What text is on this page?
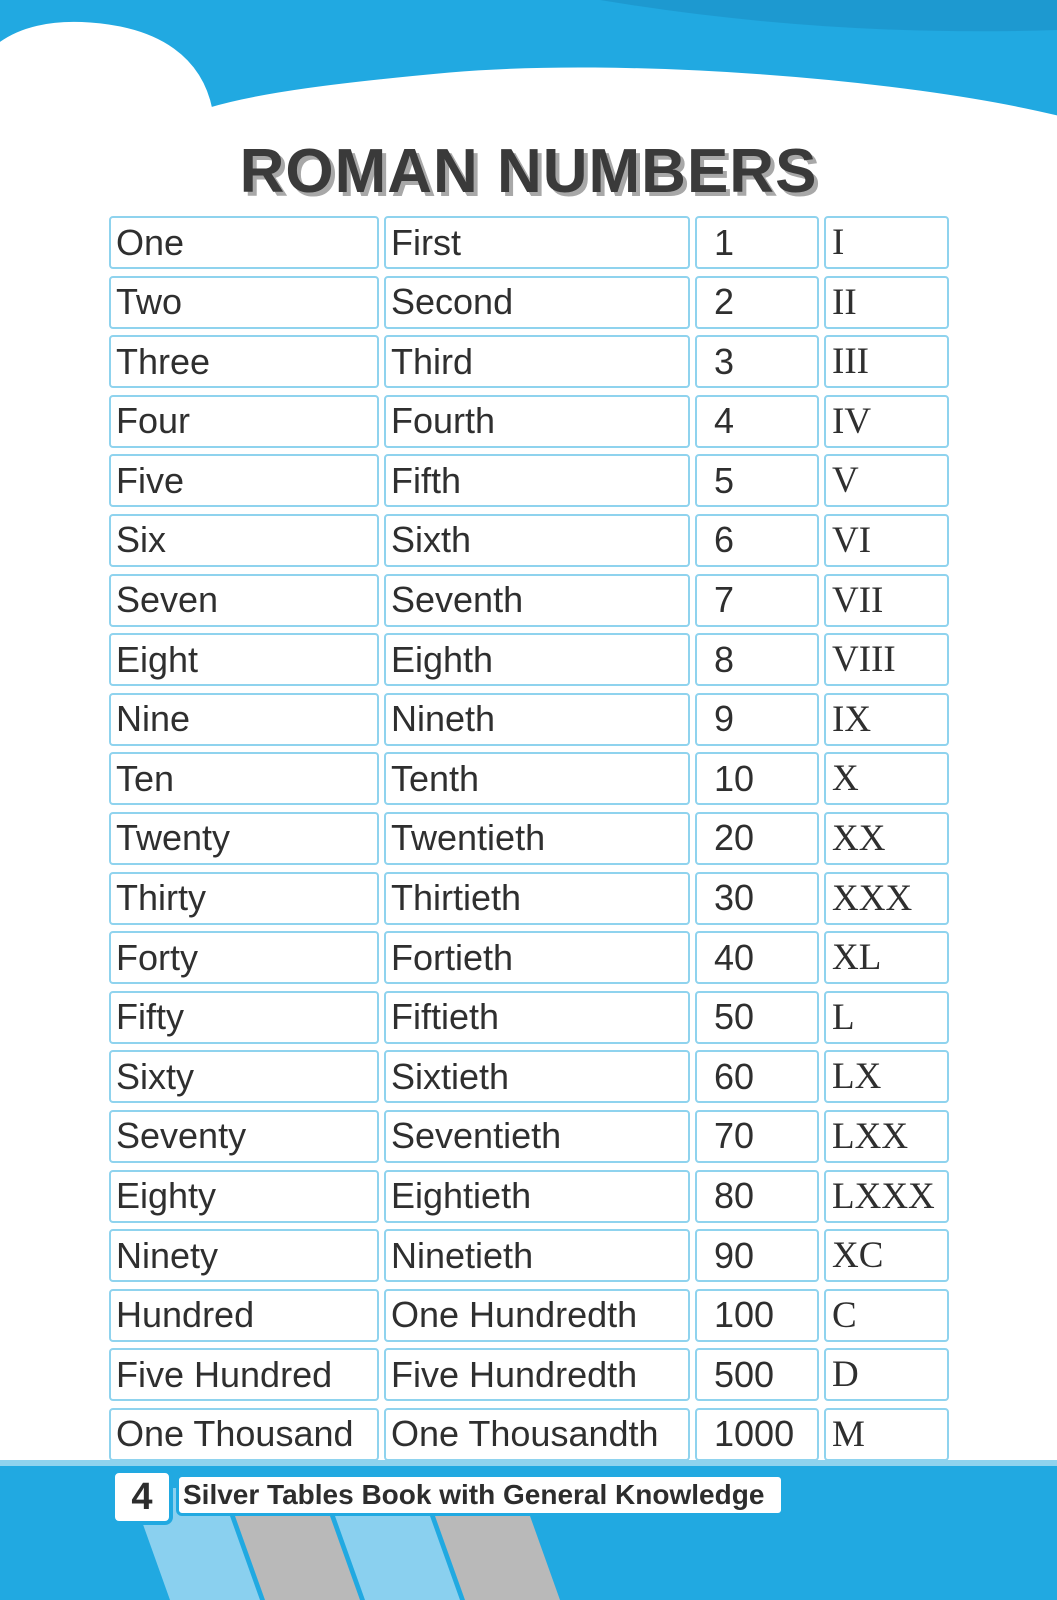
ROMAN NUMBERS
One	First	1	I
Two	Second	2	II
Three	Third	3	III
Four	Fourth	4	IV
Five	Fifth	5	V
Six	Sixth	6	VI
Seven	Seventh	7	VII
Eight	Eighth	8	VIII
Nine	Nineth	9	IX
Ten	Tenth	10	X
Twenty	Twentieth	20	XX
Thirty	Thirtieth	30	XXX
Forty	Fortieth	40	XL
Fifty	Fiftieth	50	L
Sixty	Sixtieth	60	LX
Seventy	Seventieth	70	LXX
Eighty	Eightieth	80	LXXX
Ninety	Ninetieth	90	XC
Hundred	One Hundredth	100	C
Five Hundred	Five Hundredth	500	D
One Thousand	One Thousandth	1000	M
4	Silver Tables Book with General Knowledge
